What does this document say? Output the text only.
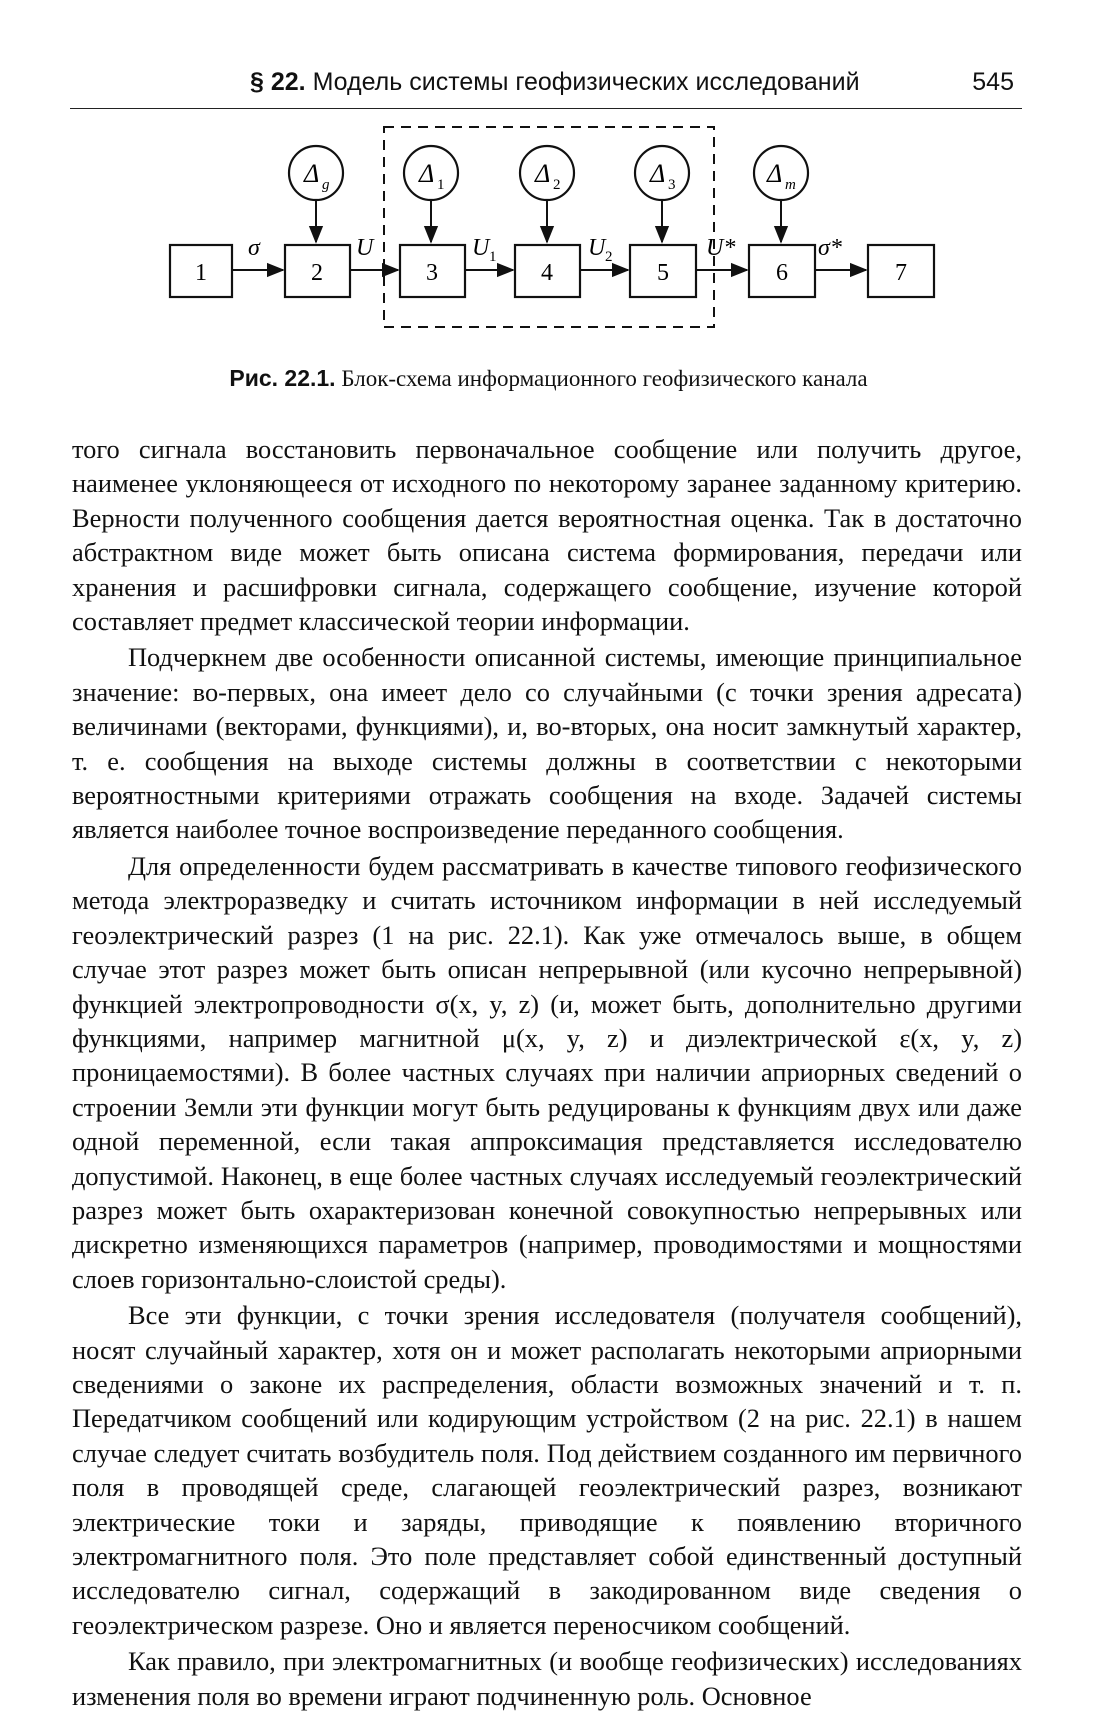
§ 22. Модель системы геофизических исследований	545
Δ g	Δ 1	Δ 2	Δ 3	Δ m
σ	U	U 1	U 2	U*	σ*
1	2	3	4	5	6	7
Рис. 22.1. Блок-схема информационного геофизического канала

того сигнала восстановить первоначальное сообщение или получить другое, наименее уклоняющееся от исходного по некоторому заранее заданному критерию. Верности полученного сообщения дается вероятностная оценка. Так в достаточно абстрактном виде может быть описана система формирования, передачи или хранения и расшифровки сигнала, содержащего сообщение, изучение которой составляет предмет классической теории информации.

Подчеркнем две особенности описанной системы, имеющие принципиальное значение: во-первых, она имеет дело со случайными (с точки зрения адресата) величинами (векторами, функциями), и, во-вторых, она носит замкнутый характер, т. е. сообщения на выходе системы должны в соответствии с некоторыми вероятностными критериями отражать сообщения на входе. Задачей системы является наиболее точное воспроизведение переданного сообщения.

Для определенности будем рассматривать в качестве типового геофизического метода электроразведку и считать источником информации в ней исследуемый геоэлектрический разрез (1 на рис. 22.1). Как уже отмечалось выше, в общем случае этот разрез может быть описан непрерывной (или кусочно непрерывной) функцией электропроводности σ(x, y, z) (и, может быть, дополнительно другими функциями, например магнитной μ(x, y, z) и диэлектрической ε(x, y, z) проницаемостями). В более частных случаях при наличии априорных сведений о строении Земли эти функции могут быть редуцированы к функциям двух или даже одной переменной, если такая аппроксимация представляется исследователю допустимой. Наконец, в еще более частных случаях исследуемый геоэлектрический разрез может быть охарактеризован конечной совокупностью непрерывных или дискретно изменяющихся параметров (например, проводимостями и мощностями слоев горизонтально-слоистой среды).

Все эти функции, с точки зрения исследователя (получателя сообщений), носят случайный характер, хотя он и может располагать некоторыми априорными сведениями о законе их распределения, области возможных значений и т. п. Передатчиком сообщений или кодирующим устройством (2 на рис. 22.1) в нашем случае следует считать возбудитель поля. Под действием созданного им первичного поля в проводящей среде, слагающей геоэлектрический разрез, возникают электрические токи и заряды, приводящие к появлению вторичного электромагнитного поля. Это поле представляет собой единственный доступный исследователю сигнал, содержащий в закодированном виде сведения о геоэлектрическом разрезе. Оно и является переносчиком сообщений.

Как правило, при электромагнитных (и вообще геофизических) исследованиях изменения поля во времени играют подчиненную роль. Основное
